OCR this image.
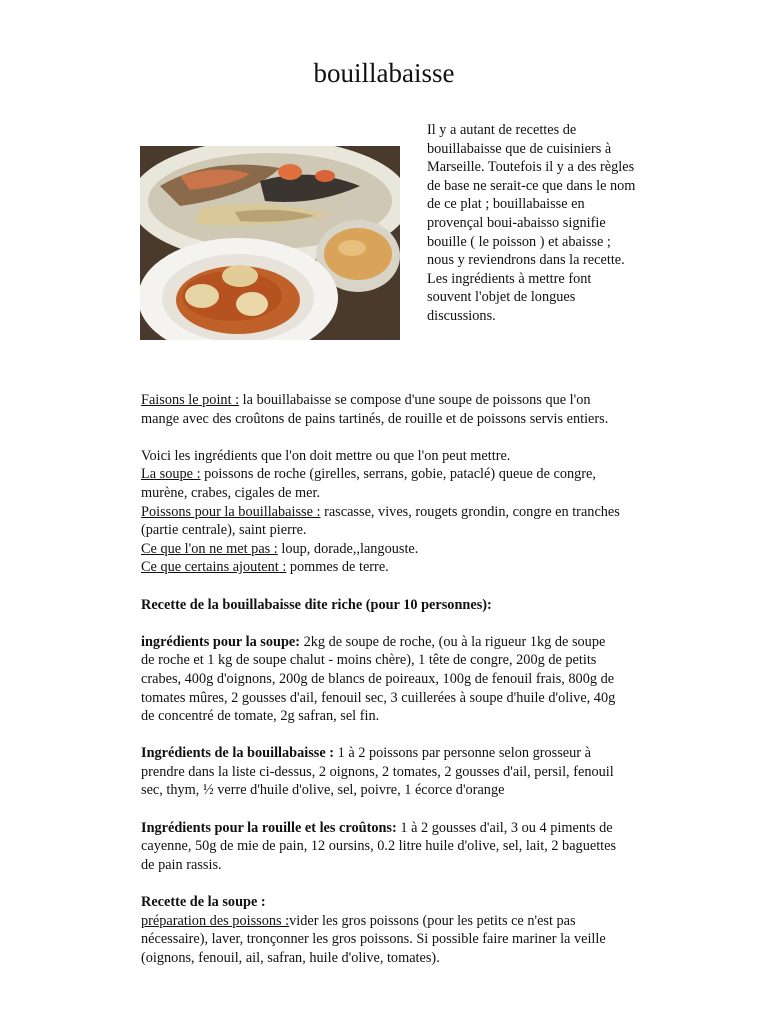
bouillabaisse
Il y a autant de recettes de bouillabaisse que de cuisiniers à Marseille. Toutefois il y a des règles de base ne serait-ce que dans le nom de ce plat ; bouillabaisse en provençal boui-abaisso signifie bouille ( le poisson ) et abaisse ; nous y reviendrons dans la recette. Les ingrédients à mettre font souvent l'objet de longues discussions.

Faisons le point : la bouillabaisse se compose d'une soupe de poissons que l'on mange avec des croûtons de pains tartinés, de rouille et de poissons servis entiers.

Voici les ingrédients que l'on doit mettre ou que l'on peut mettre.

La soupe : poissons de roche (girelles, serrans, gobie, pataclé) queue de congre, murène, crabes, cigales de mer.

Poissons pour la bouillabaisse : rascasse, vives, rougets grondin, congre en tranches (partie centrale), saint pierre.

Ce que l'on ne met pas : loup, dorade,,langouste.

Ce que certains ajoutent : pommes de terre.

Recette de la bouillabaisse dite riche (pour 10 personnes):

ingrédients pour la soupe: 2kg de soupe de roche, (ou à la rigueur 1kg de soupe de roche et 1 kg de soupe chalut - moins chère), 1 tête de congre, 200g de petits crabes, 400g d'oignons, 200g de blancs de poireaux, 100g de fenouil frais, 800g de tomates mûres, 2 gousses d'ail, fenouil sec, 3 cuillerées à soupe d'huile d'olive, 40g de concentré de tomate, 2g safran, sel fin.

Ingrédients de la bouillabaisse : 1 à 2 poissons par personne selon grosseur à prendre dans la liste ci-dessus, 2 oignons, 2 tomates, 2 gousses d'ail, persil, fenouil sec, thym, ½ verre d'huile d'olive, sel, poivre, 1 écorce d'orange

Ingrédients pour la rouille et les croûtons: 1 à 2 gousses d'ail, 3 ou 4 piments de cayenne, 50g de mie de pain, 12 oursins, 0.2 litre huile d'olive, sel, lait, 2 baguettes de pain rassis.

Recette de la soupe :

préparation des poissons :vider les gros poissons (pour les petits ce n'est pas nécessaire), laver, tronçonner les gros poissons. Si possible faire mariner la veille (oignons, fenouil, ail, safran, huile d'olive, tomates).
